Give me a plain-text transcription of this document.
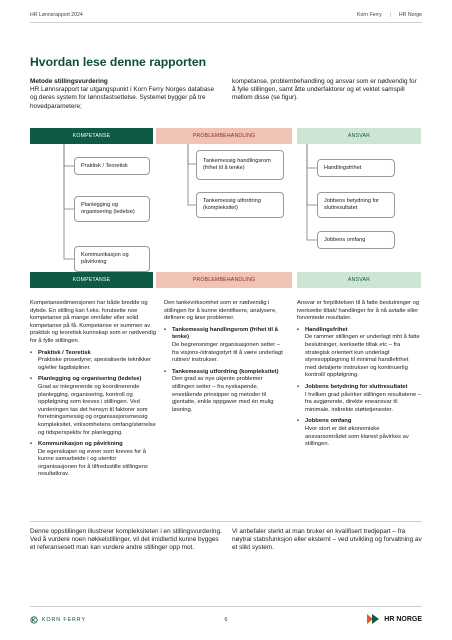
HR Lønnsrapport 2024	Korn Ferry | HR Norge
Hvordan lese denne rapporten
Metode stillingsvurdering
HR Lønnsrapport tar utgangspunkt i Korn Ferry Norges database og deres system for lønnsfastsettelse. Systemet bygger på tre hovedparametere;
kompetanse, problembehandling og ansvar som er nødvendig for å fylle stillingen, samt åtte underfaktorer og et vektet samspill mellom disse (se figur).
KOMPETANSE	PROBLEMBEHANDLING	ANSVAR
Praktisk / Teoretisk
Planlegging og organisering (ledelse)
Kommunikasjon og påvirkning
Tankemessig handlingsrom (frihet til å tenke)
Tankemessig utfordring (kompleksitet)
Handlingsfrihet
Jobbens betydning for sluttresultatet
Jobbens omfang
KOMPETANSE	PROBLEMBEHANDLING	ANSVAR

Kompetansedimensjonen har både bredde og dybde. En stilling kan f.eks. forutsette noe kompetanse på mange områder eller solid kompetanse på få. Kompetanse er summen av praktisk og teoretisk kunnskap som er nødvendig for å fylle stillingen.

•	Praktisk / Teoretisk
Praktiske prosedyrer, spesialiserte teknikker og/eller fagdisipliner.
•	Planlegging og organisering (ledelse)
Grad av integrerende og koordinerende planlegging, organisering, kontroll og oppfølgning som kreves i stillingen. Ved vurderingen tas det hensyn til faktorer som forretningsmessig og organisasjonsmessig kompleksitet, virksomhetens omfang/størrelse og tidsperspektiv for planlegging.
•	Kommunikasjon og påvirkning
De egenskaper og evner som kreves for å kunne samarbeide i og utenfor organisasjonen for å tilfredsstille stillingens resultatkrav.

Den tankevirksomhet som er nødvendig i stillingen for å kunne identifisere, analysere, definere og løse problemer.

•	Tankemessig handlingsrom (frihet til å tenke)
De begrensninger organisasjonen setter – fra visjons-/strategistyrt til å være underlagt rutiner/ instrukser.
•	Tankemessig utfordring (kompleksitet)
Den grad av nye ukjente problemer stillingen setter – fra nyskapende, enestående prinsipper og metoder til gjentatte, enkle oppgaver med én mulig løsning.

Ansvar er forpliktelsen til å fatte beslutninger og iverksette tiltak/ handlinger for å nå avtalte eller forventede resultater.

•	Handlingsfrihet
De rammer stillingen er underlagt mht å fatte beslutninger, iverksette tiltak etc – fra strategisk orientert kun underlagt styresoppløgning til minimal handlefrihet med detaljerte instrukser og kontinuerlig kontroll/ oppfølgning.
•	Jobbens betydning for sluttresultatet
I hvilken grad påvirker stillingen resultatene – fra avgjørende, direkte eneansvar til minimale, indirekte støttetjenester.
•	Jobbens omfang
Hvor stort er det økonomiske ansvarsområdet som klarest påvirkes av stillingen.
Denne oppstillingen illustrerer kompleksiteten i en stillingsvurdering. Ved å vurdere noen nøkkelstillinger, vil det imidlertid kunne bygges et referansesett man kan vurdere andre stillinger opp mot.
Vi anbefaler sterkt at man bruker en kvalifisert tredjepart – fra nøytral stabsfunksjon eller eksternt – ved utvikling og forvaltning av et slikt system.
KORN FERRY	6	HR NORGE
